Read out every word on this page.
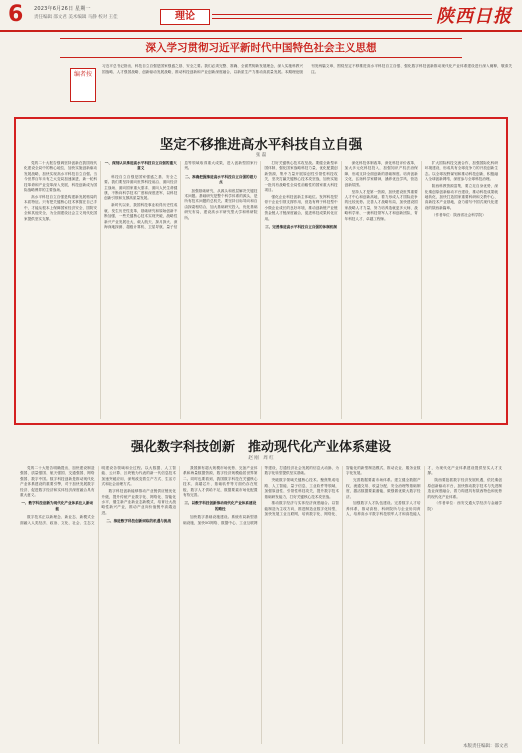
6 2023年6月26日 星期一
责任编辑 邵文君 美术编辑 马静 校对 王佳	理论	陕西日报
深入学习贯彻习近平新时代中国特色社会主义思想
编者按
习近平总书记指出，科技自立自强是国家强盛之基、安全之要。我们必须完整、准确、全面贯彻新发展理念，深入实施科教兴国战略、人才强国战略、创新驱动发展战略，推动科技创新和产业创新深度融合，以新质生产力推动高质量发展。本期理论版刊发两篇文章，围绕坚定不移推进高水平科技自立自强、强化数字科技创新推动现代化产业体系建设进行深入阐释，敬请关注。
坚定不移推进高水平科技自立自强
张 磊

党的二十大报告强调坚持创新在我国现代化建设全局中的核心地位，加快实施创新驱动发展战略，加快实现高水平科技自立自强。当今世界百年未有之大变局加速演进，新一轮科技革命和产业变革深入发展，科技创新成为国际战略博弈的主要战场。

高水平科技自立自强是构建新发展格局的本质特征。只有把关键核心技术掌握在自己手中，才能从根本上保障国家经济安全、国防安全和其他安全，为全面建设社会主义现代化国家提供坚实支撑。

一、深刻认识推进高水平科技自立自强的重大意义

科技自立自强是国家强盛之基、安全之要。我们要坚持面向世界科技前沿、面向经济主战场、面向国家重大需求、面向人民生命健康，不断向科学技术广度和深度进军，以科技创新引领和支撑高质量发展。

新时代以来，我国科技事业取得历史性成就、发生历史性变革，基础研究和原始创新不断加强，一些关键核心技术实现突破，战略性新兴产业发展壮大，载人航天、探月探火、深海深地探测、超级计算机、卫星导航、量子信息等领域取得重大成果，进入创新型国家行列。

二、准确把握推进高水平科技自立自强的着力点

加强基础研究，从源头和底层解决关键技术问题。基础研究是整个科学体系的源头，是所有技术问题的总机关。要坚持目标导向和自由探索相结合，加大基础研究投入，优化基础研究布局，建设高水平研究型大学和科研院所。

打好关键核心技术攻坚战。要健全新型举国体制，强化国家战略科技力量，优化配置创新资源，集中力量开展原创性引领性科技攻关，坚决打赢关键核心技术攻坚战，加快实施一批具有战略性全局性前瞻性的国家重大科技项目。

强化企业科技创新主体地位。发挥科技型骨干企业引领支撑作用，营造有利于科技型中小微企业成长的良好环境，推动创新链产业链资金链人才链深度融合，促进科技成果转化应用。

三、完善推进高水平科技自立自强的体制机制

深化科技体制改革，深化科技评价改革，加大多元化科技投入，加强知识产权法治保障，形成支持全面创新的基础制度。培育创新文化，弘扬科学家精神，涵养优良学风，营造创新氛围。

坚持人才是第一资源，加快建设世界重要人才中心和创新高地，着力形成人才国际竞争的比较优势。完善人才战略布局，加快建设国家战略人才力量，努力培养造就更多大师、战略科学家、一流科技领军人才和创新团队、青年科技人才、卓越工程师。

扩大国际科技交流合作，加强国际化科研环境建设，形成具有全球竞争力的开放创新生态。以全球视野谋划和推动科技创新，积极融入全球创新网络，深度参与全球科技治理。

陕西科教资源富集，要立足自身优势，深化秦创原创新驱动平台建设，推动科技成果就地转化，加快打造国家重要科研和文教中心、高新技术产业基地，奋力谱写中国式现代化建设的陕西新篇章。

（作者单位：陕西省社会科学院）

强化数字科技创新　推动现代化产业体系建设
赵 刚　周 红

党的二十大报告明确提出，加快建设制造强国、质量强国、航天强国、交通强国、网络强国、数字中国。数字科技创新是推动现代化产业体系建设的重要引擎，对于加快发展数字经济、促进数字经济和实体经济深度融合具有重大意义。

一、数字科技创新为现代化产业体系注入新动能

数字技术正以新理念、新业态、新模式全面融入人类经济、政治、文化、社会、生态文明建设各领域和全过程。以大数据、人工智能、云计算、区块链为代表的新一代信息技术加速突破应用，深刻改变着生产方式、生活方式和社会治理方式。

数字科技创新能够推动产业链供应链优化升级，提升传统产业数字化、网络化、智能化水平，催生新产业新业态新模式，培育壮大战略性新兴产业，推动产业向价值链中高端迈进。

二、推进数字科技创新面临的机遇与挑战

我国拥有超大规模市场优势、完备产业体系和海量数据资源，数字经济规模稳居世界第二。同时也要看到，我国数字科技在关键核心技术、高端芯片、基础软件等方面仍存在短板，数字人才供给不足，数据要素市场化配置有待完善。

三、以数字科技创新推动现代化产业体系建设的路径

加快数字基础设施建设。系统布局新型基础设施，加快5G网络、数据中心、工业互联网等建设，打通经济社会发展的信息大动脉，为数字化转型提供坚实基础。

突破数字领域关键核心技术。聚焦集成电路、人工智能、量子信息、工业软件等领域，加强原创性、引领性科技攻关，提升数字技术基础研发能力，打好关键核心技术攻坚战。

推动数字经济与实体经济深度融合。以智能制造为主攻方向，推进制造业数字化转型，加快发展工业互联网，培育数字化、网络化、智能化的新型制造模式，推动农业、服务业数字化发展。

完善数据要素市场体系。建立健全数据产权、流通交易、收益分配、安全治理等基础制度，激活数据要素潜能，做强做优做大数字经济。

加强数字人才队伍建设。完善数字人才培养体系，推动高校、科研院所与企业协同育人，培养高水平数字科技领军人才和高技能人才，为现代化产业体系建设提供坚实人才支撑。

陕西要抢抓数字经济发展机遇，依托秦创原创新驱动平台，加快推动数字技术与先进制造业深度融合，着力构建具有陕西特色和优势的现代化产业体系。

（作者单位：西安交通大学经济与金融学院）

本版责任编辑：邵文君
